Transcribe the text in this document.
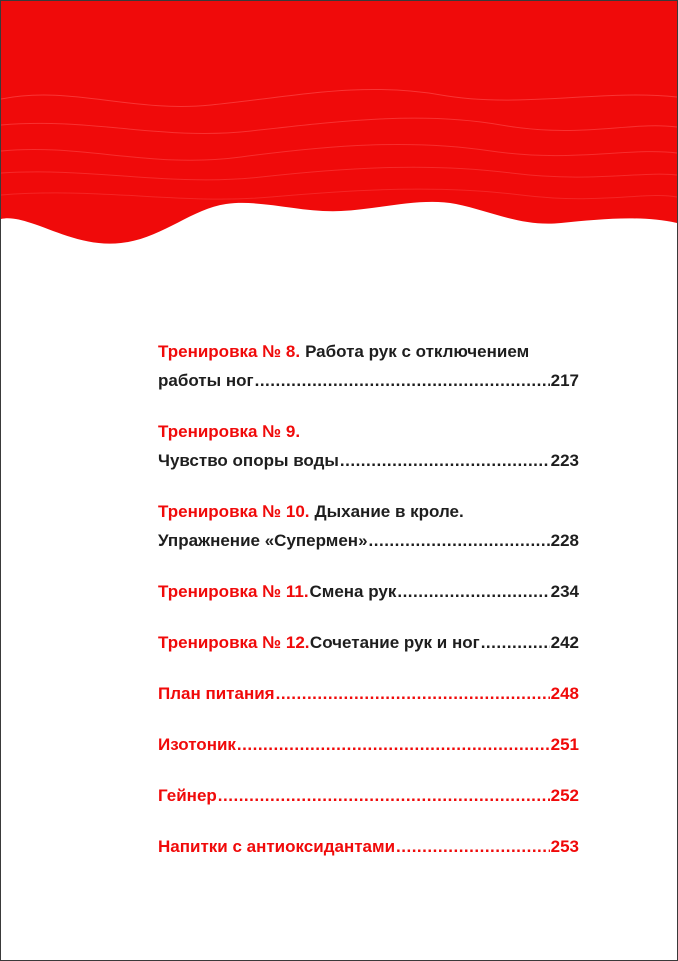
Тренировка № 8. Работа рук с отключением
работы ног .....	217
Тренировка № 9.
Чувство опоры воды .....	223
Тренировка № 10. Дыхание в кроле.
Упражнение «Супермен» .....	228
Тренировка № 11. Смена рук .....	234
Тренировка № 12. Сочетание рук и ног .....	242
План питания .....	248
Изотоник .....	251
Гейнер .....	252
Напитки с антиоксидантами .....	253
